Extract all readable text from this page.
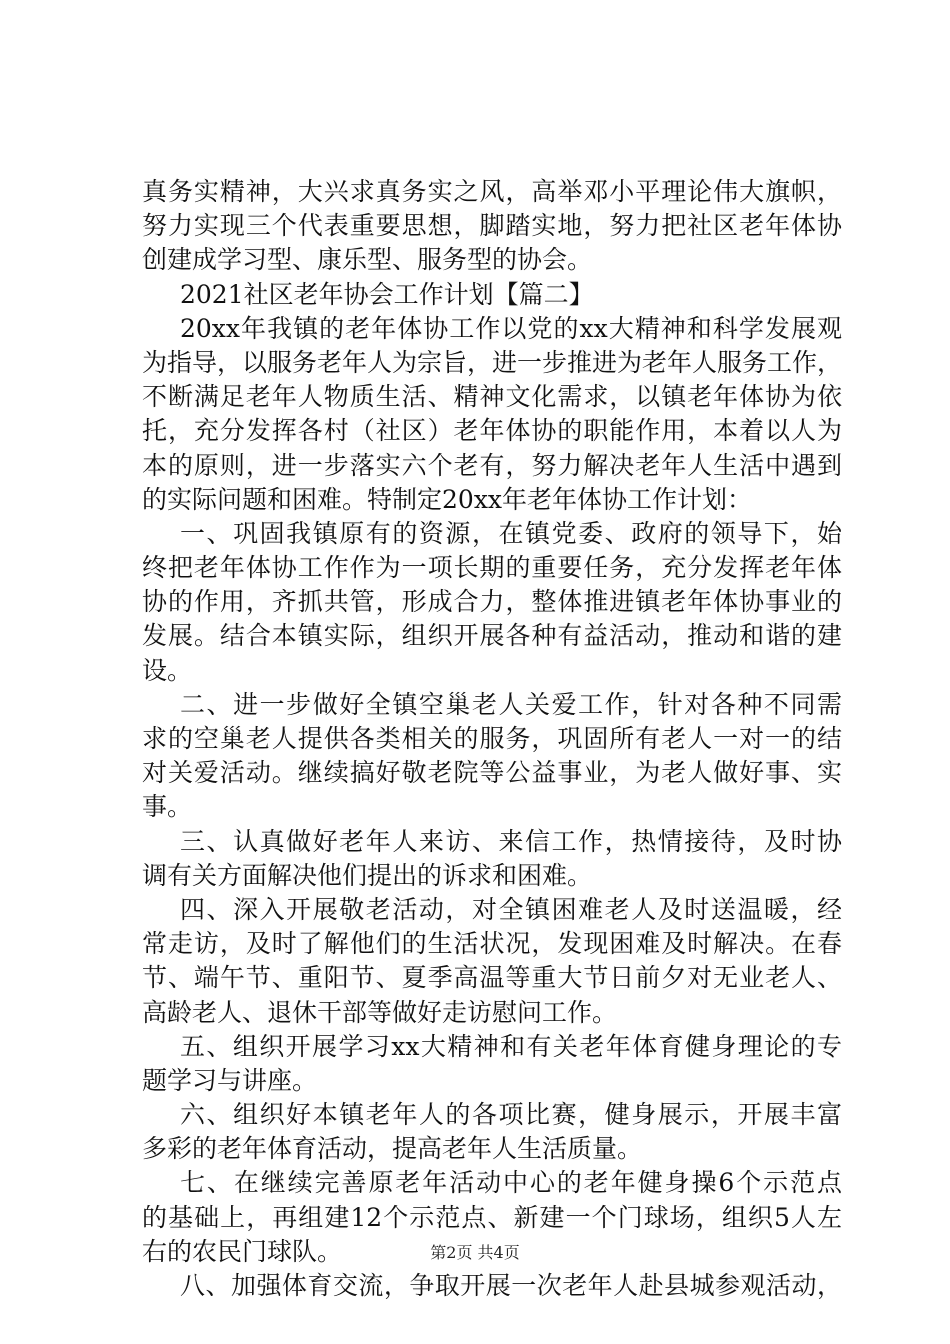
真务实精神，大兴求真务实之风，高举邓小平理论伟大旗帜，
努力实现三个代表重要思想，脚踏实地，努力把社区老年体协
创建成学习型、康乐型、服务型的协会。
2021社区老年协会工作计划【篇二】
20xx年我镇的老年体协工作以党的xx大精神和科学发展观
为指导，以服务老年人为宗旨，进一步推进为老年人服务工作，
不断满足老年人物质生活、精神文化需求，以镇老年体协为依
托，充分发挥各村（社区）老年体协的职能作用，本着以人为
本的原则，进一步落实六个老有，努力解决老年人生活中遇到
的实际问题和困难。特制定20xx年老年体协工作计划：
一、巩固我镇原有的资源，在镇党委、政府的领导下，始
终把老年体协工作作为一项长期的重要任务，充分发挥老年体
协的作用，齐抓共管，形成合力，整体推进镇老年体协事业的
发展。结合本镇实际，组织开展各种有益活动，推动和谐的建
设。
二、进一步做好全镇空巢老人关爱工作，针对各种不同需
求的空巢老人提供各类相关的服务，巩固所有老人一对一的结
对关爱活动。继续搞好敬老院等公益事业，为老人做好事、实
事。
三、认真做好老年人来访、来信工作，热情接待，及时协
调有关方面解决他们提出的诉求和困难。
四、深入开展敬老活动，对全镇困难老人及时送温暖，经
常走访，及时了解他们的生活状况，发现困难及时解决。在春
节、端午节、重阳节、夏季高温等重大节日前夕对无业老人、
高龄老人、退休干部等做好走访慰问工作。
五、组织开展学习xx大精神和有关老年体育健身理论的专
题学习与讲座。
六、组织好本镇老年人的各项比赛，健身展示，开展丰富
多彩的老年体育活动，提高老年人生活质量。
七、在继续完善原老年活动中心的老年健身操6个示范点
的基础上，再组建12个示范点、新建一个门球场，组织5人左
右的农民门球队。
八、加强体育交流，争取开展一次老年人赴县城参观活动，
第2页 共4页
